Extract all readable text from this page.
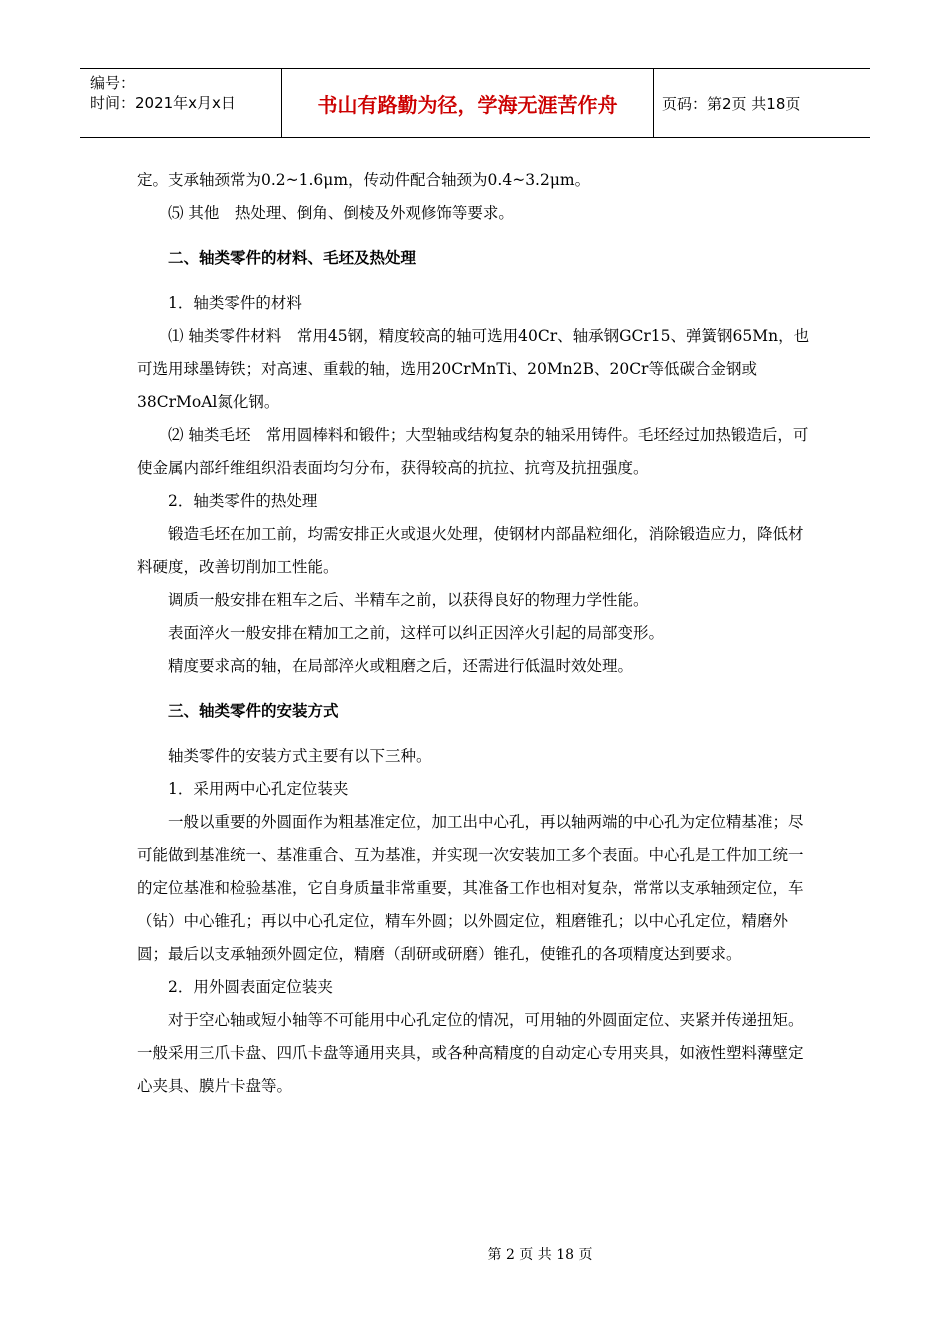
编号：
时间：2021年x月x日	书山有路勤为径，学海无涯苦作舟	页码：第2页 共18页

定。支承轴颈常为0.2~1.6μm，传动件配合轴颈为0.4~3.2μm。

⑸ 其他　热处理、倒角、倒棱及外观修饰等要求。

二、轴类零件的材料、毛坯及热处理

1．轴类零件的材料

⑴ 轴类零件材料　常用45钢，精度较高的轴可选用40Cr、轴承钢GCr15、弹簧钢65Mn，也可选用球墨铸铁；对高速、重载的轴，选用20CrMnTi、20Mn2B、20Cr等低碳合金钢或38CrMoAl氮化钢。

⑵ 轴类毛坯　常用圆棒料和锻件；大型轴或结构复杂的轴采用铸件。毛坯经过加热锻造后，可使金属内部纤维组织沿表面均匀分布，获得较高的抗拉、抗弯及抗扭强度。

2．轴类零件的热处理

锻造毛坯在加工前，均需安排正火或退火处理，使钢材内部晶粒细化，消除锻造应力，降低材料硬度，改善切削加工性能。

调质一般安排在粗车之后、半精车之前，以获得良好的物理力学性能。

表面淬火一般安排在精加工之前，这样可以纠正因淬火引起的局部变形。

精度要求高的轴，在局部淬火或粗磨之后，还需进行低温时效处理。

三、轴类零件的安装方式

轴类零件的安装方式主要有以下三种。

1．采用两中心孔定位装夹

一般以重要的外圆面作为粗基准定位，加工出中心孔，再以轴两端的中心孔为定位精基准；尽可能做到基准统一、基准重合、互为基准，并实现一次安装加工多个表面。中心孔是工件加工统一的定位基准和检验基准，它自身质量非常重要，其准备工作也相对复杂，常常以支承轴颈定位，车（钻）中心锥孔；再以中心孔定位，精车外圆；以外圆定位，粗磨锥孔；以中心孔定位，精磨外圆；最后以支承轴颈外圆定位，精磨（刮研或研磨）锥孔，使锥孔的各项精度达到要求。

2．用外圆表面定位装夹

对于空心轴或短小轴等不可能用中心孔定位的情况，可用轴的外圆面定位、夹紧并传递扭矩。一般采用三爪卡盘、四爪卡盘等通用夹具，或各种高精度的自动定心专用夹具，如液性塑料薄壁定心夹具、膜片卡盘等。

第 2 页 共 18 页
